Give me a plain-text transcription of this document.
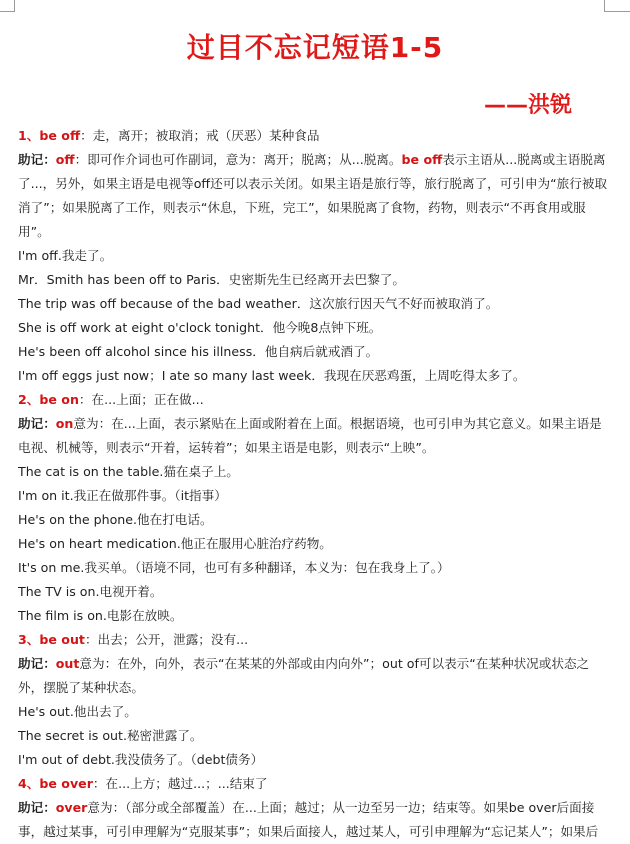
过目不忘记短语1-5
——洪锐
1、be off：走，离开；被取消；戒（厌恶）某种食品
助记：off：即可作介词也可作副词，意为：离开；脱离；从...脱离。be off表示主语从...脱离或主语脱离了...，另外，如果主语是电视等off还可以表示关闭。如果主语是旅行等，旅行脱离了，可引申为“旅行被取消了”；如果脱离了工作，则表示“休息，下班，完工”，如果脱离了食物，药物，则表示“不再食用或服用”。
I'm off.我走了。
Mr．Smith has been off to Paris．史密斯先生已经离开去巴黎了。
The trip was off because of the bad weather．这次旅行因天气不好而被取消了。
She is off work at eight o'clock tonight．他今晚8点钟下班。
He's been off alcohol since his illness．他自病后就戒酒了。
I'm off eggs just now；I ate so many last week．我现在厌恶鸡蛋，上周吃得太多了。
2、be on：在...上面；正在做...
助记：on意为：在...上面，表示紧贴在上面或附着在上面。根据语境，也可引申为其它意义。如果主语是电视、机械等，则表示“开着，运转着”；如果主语是电影，则表示“上映”。
The cat is on the table.猫在桌子上。
I'm on it.我正在做那件事。（it指事）
He's on the phone.他在打电话。
He's on heart medication.他正在服用心脏治疗药物。
It's on me.我买单。（语境不同，也可有多种翻译，本义为：包在我身上了。）
The TV is on.电视开着。
The film is on.电影在放映。
3、be out：出去；公开，泄露；没有...
助记：out意为：在外，向外，表示“在某某的外部或由内向外”；out of可以表示“在某种状况或状态之外，摆脱了某种状态。
He's out.他出去了。
The secret is out.秘密泄露了。
I'm out of debt.我没债务了。（debt债务）
4、be over：在...上方；越过...；...结束了
助记：over意为：（部分或全部覆盖）在...上面；越过；从一边至另一边；结束等。如果be over后面接事，越过某事，可引申理解为“克服某事”；如果后面接人，越过某人，可引申理解为“忘记某人”；如果后
